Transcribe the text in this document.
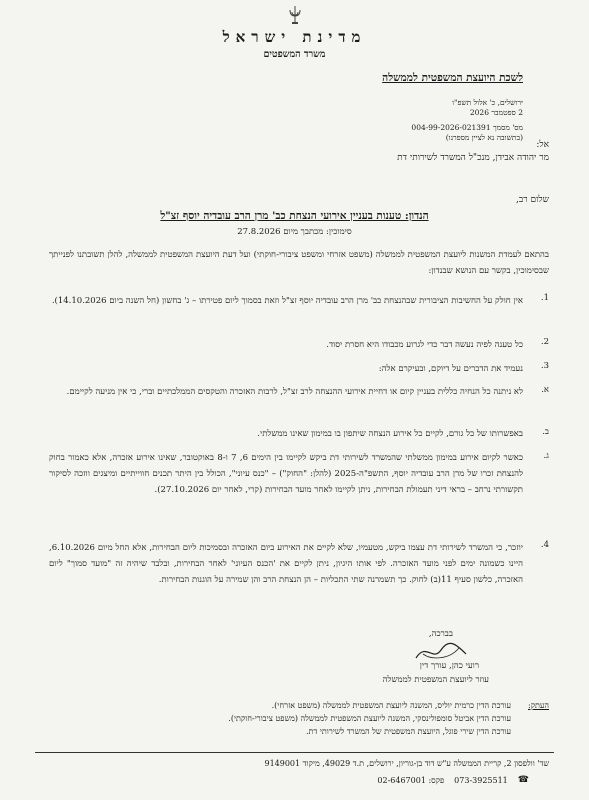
מדינת ישראל
משרד המשפטים
לשכת היועצת המשפטית לממשלה
ירושלים, כ' אלול תשפ"ו
2 ספטמבר 2026
מס' מסמך 004-99-2026-021391
(בתשובה נא לציין מספרנו)
אל:
מר יהודה אבידן, מנכ"ל המשרד לשירותי דת
שלום רב,
הנדון: טענות בעניין אירועי הנצחת כב' מרן הרב עובדיה יוסף זצ"ל
סימוכין: מכתבך מיום 27.8.2026
בהתאם לעמדת המשנות ליועצת המשפטית לממשלה (משפט אזרחי ומשפט ציבורי-חוקתי) ועל דעת היועצת המשפטית לממשלה, להלן תשובתנו לפנייתך שבסימוכין, בקשר עם הנושא שבנדון:
1.
אין חולק על החשיבות הציבורית שבהנצחת כב' מרן הרב עובדיה יוסף זצ"ל וזאת בסמוך ליום פטירתו – ג' בחשון (חל השנה ביום 14.10.2026).
2.
כל טענה לפיה נעשה דבר כדי לגרוע מכבודו היא חסרת יסוד.
3.
נעמיד את הדברים על דיוקם, ובעיקרם אלה:
א.
לא ניתנה כל הנחיה כללית בעניין קיום או דחיית אירועי ההנצחה לרב זצ"ל, לרבות האזכרה והטקסים הממלכתיים וברי, כי אין מניעה לקיימם.
ב.
באפשרותו של כל גורם, לקיים כל אירוע הנצחה שיתפון בו במימון שאינו ממשלתי.
ג.
כאשר לקיום אירוע במימון ממשלתי שהמשרד לשירותי דת ביקש לקיימו בין הימים 6, 7 ו-8 באוקטובר, שאינו אירוע אזכרה, אלא כאמור בחוק להנצחת זכרו של מרן הרב עובדיה יוסף, התשפ"ה-2025 (להלן: "החוק") – "כנס עיוני", הכולל בין היתר תכנים חווייתיים ומיצגים ווזכה לסיקור תקשורתי נרחב – בראי דיני תעמולת הבחירות, ניתן לקיימו לאחר מועד הבחירות (קרי, לאחר יום 27.10.2026).
4.
יוזכר, כי המשרד לשירותי דת עצמו ביקש, מטעמיו, שלא לקיים את האירוע ביום האזכרה ובסמיכות ליום הבחירות, אלא החל מיום 6.10.2026, היינו כשמונה ימים לפני מועד האזכרה. לפי אותו היגיון, ניתן לקיים את 'הכנס העיוני' לאחר הבחירות, ובלבד שיהיה זה "מועד סמוך" ליום האזכרה, כלשון סעיף 11(ב) לחוק. כך תשמרנה שתי התכליות – הן הנצחת הרב והן שמירה על הוגנות הבחירות.
בברכה,
רועי כהן, עורך דין
עוזר ליועצת המשפטית לממשלה
העתק:
עורכת הדין כרמית יוליס, המשנה ליועצת המשפטית לממשלה (משפט אזרחי).
עורכת הדין אביטל סומפולינסקי, המשנה ליועצת המשפטית לממשלה (משפט ציבורי-חוקתי).
עורכת הדין שירי פוגל, היועצת המשפטית של המשרד לשירותי דת.
שד' וולפסון 2, קריית הממשלה ע"ש דוד בן-גוריון, ירושלים, ת.ד 49029, מיקוד 9149001
☎
073-3925511
פקס: 02-6467001
